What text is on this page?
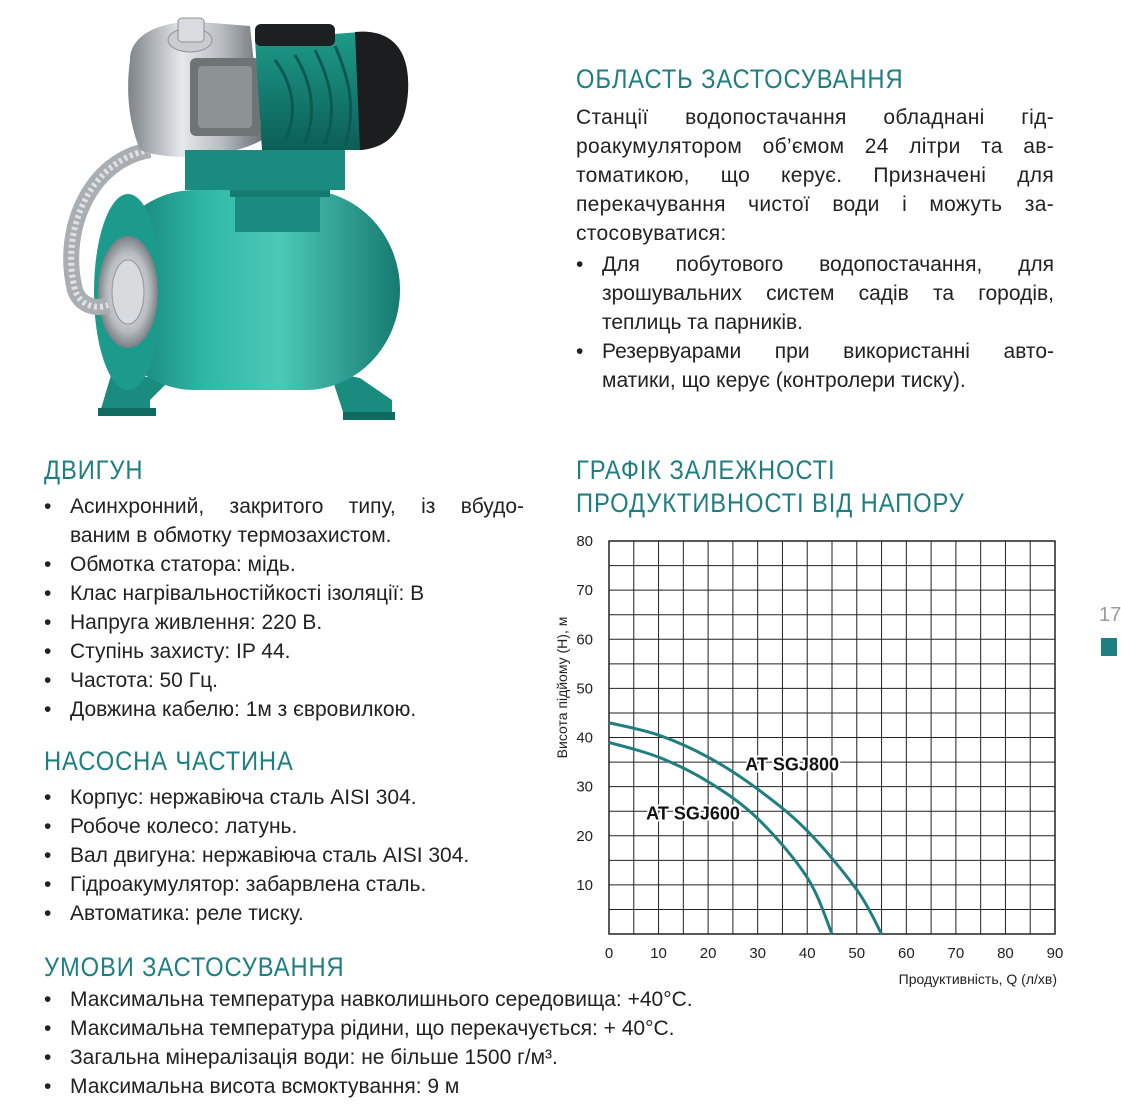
ОБЛАСТЬ ЗАСТОСУВАННЯ
Станції водопостачання обладнані гід-
роакумулятором об’ємом 24 літри та ав-
томатикою, що керує. Призначені для
перекачування чистої води і можуть за-
стосовуватися:
• Для побутового водопостачання, для
зрошувальних систем садів та городів,
теплиць та парників.
• Резервуарами при використанні авто-
матики, що керує (контролери тиску).
ДВИГУН
• Асинхронний, закритого типу, із вбудо-
ваним в обмотку термозахистом.
• Обмотка статора: мідь.
• Клас нагрівальностійкості ізоляції: B
• Напруга живлення: 220 В.
• Ступінь захисту: IP 44.
• Частота: 50 Гц.
• Довжина кабелю: 1м з євровилкою.
НАСОСНА ЧАСТИНА
• Корпус: нержавіюча сталь AISI 304.
• Робоче колесо: латунь.
• Вал двигуна: нержавіюча сталь AISI 304.
• Гідроакумулятор: забарвлена сталь.
• Автоматика: реле тиску.
УМОВИ ЗАСТОСУВАННЯ
• Максимальна температура навколишнього середовища: +40°С.
• Максимальна температура рідини, що перекачується: + 40°С.
• Загальна мінералізація води: не більше 1500 г/м³.
• Максимальна висота всмоктування: 9 м
ГРАФІК ЗАЛЕЖНОСТІ
ПРОДУКТИВНОСТІ ВІД НАПОРУ
0 10 20 30 40 50 60 70 80 90
10
20
30
40
50
60
70
80
Продуктивність, Q (л/хв)
Висота підйому (Н), м
AT SGJ800
AT SGJ600
17
